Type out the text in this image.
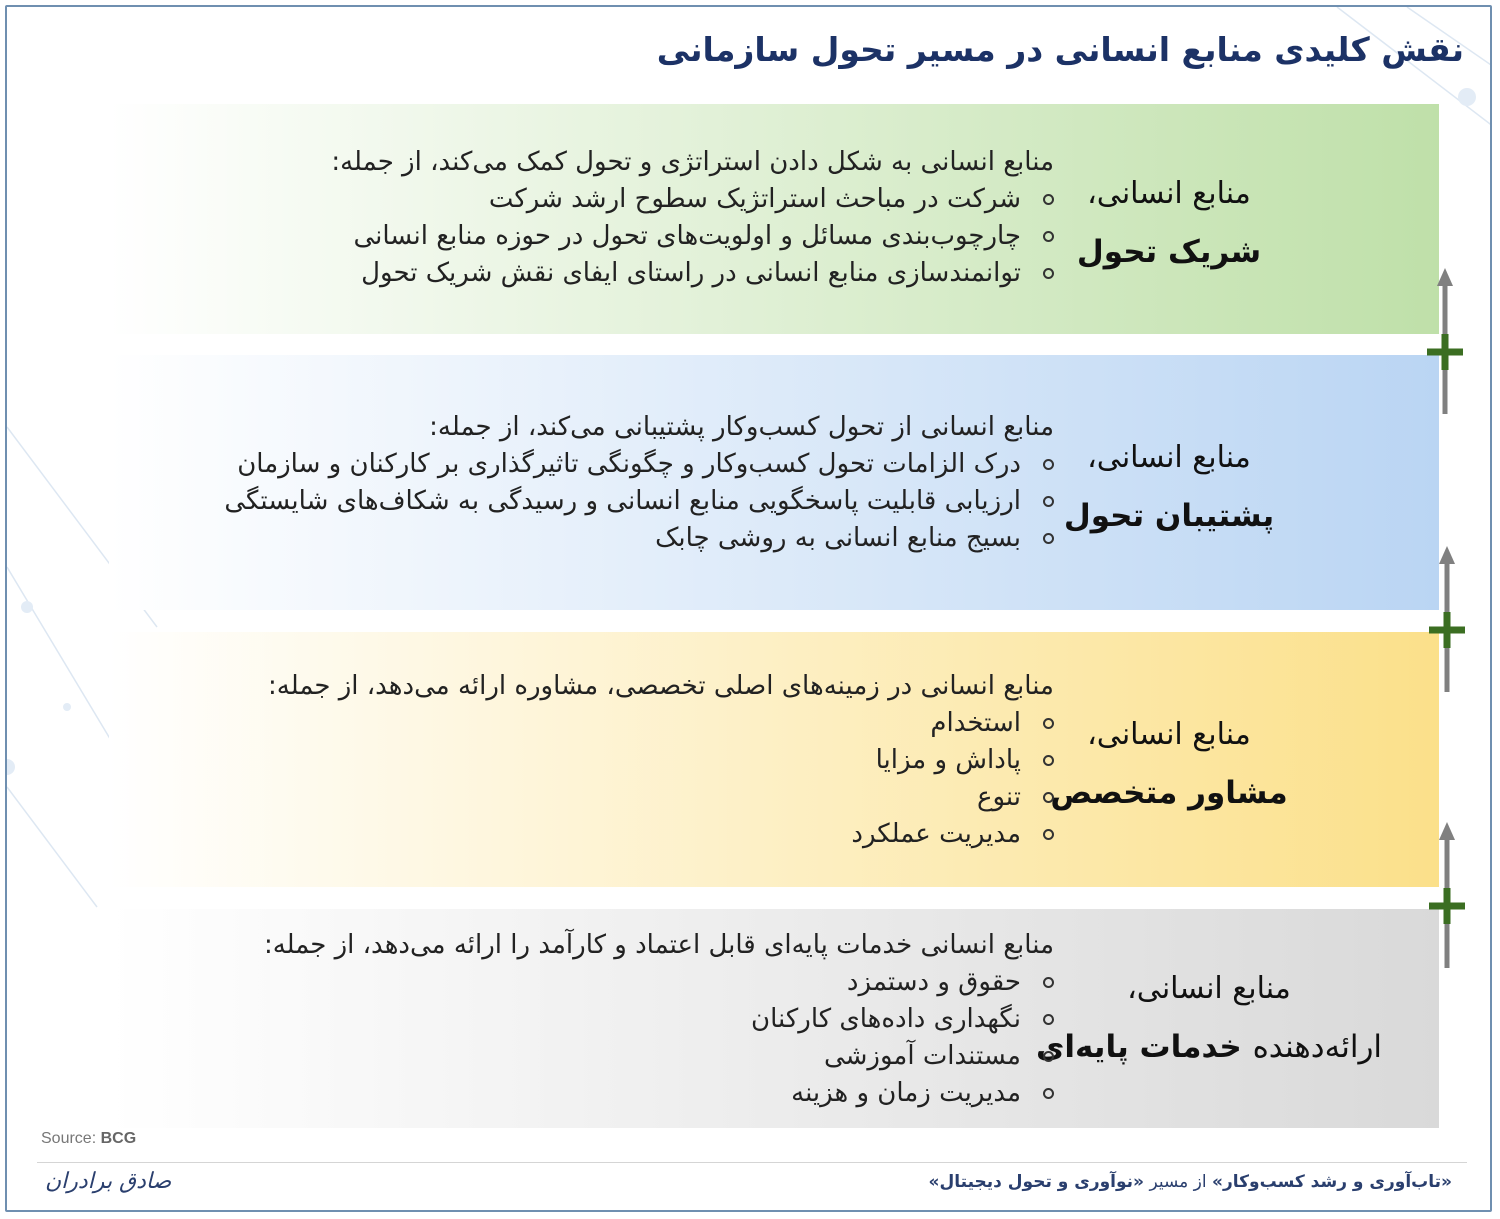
نقش کلیدی منابع انسانی در مسیر تحول سازمانی
منابع انسانی،
شریک تحول

منابع انسانی به شکل دادن استراتژی و تحول کمک می‌کند، از جمله:

شرکت در مباحث استراتژیک سطوح ارشد شرکت
چارچوب‌بندی مسائل و اولویت‌های تحول در حوزه منابع انسانی
توانمندسازی منابع انسانی در راستای ایفای نقش شریک تحول
منابع انسانی،
پشتیبان تحول

منابع انسانی از تحول کسب‌وکار پشتیبانی می‌کند، از جمله:

درک الزامات تحول کسب‌وکار و چگونگی تاثیرگذاری بر کارکنان و سازمان
ارزیابی قابلیت پاسخگویی منابع انسانی و رسیدگی به شکاف‌های شایستگی
بسیج منابع انسانی به روشی چابک
منابع انسانی،
مشاور متخصص

منابع انسانی در زمینه‌های اصلی تخصصی، مشاوره ارائه می‌دهد، از جمله:

استخدام
پاداش و مزایا
تنوع
مدیریت عملکرد
منابع انسانی،
ارائه‌دهنده خدمات پایه‌ای

منابع انسانی خدمات پایه‌ای قابل اعتماد و کارآمد را ارائه می‌دهد، از جمله:

حقوق و دستمزد
نگهداری داده‌های کارکنان
مستندات آموزشی
مدیریت زمان و هزینه
Source: BCG
«تاب‌آوری و رشد کسب‌وکار» از مسیر «نوآوری و تحول دیجیتال»
صادق برادران
